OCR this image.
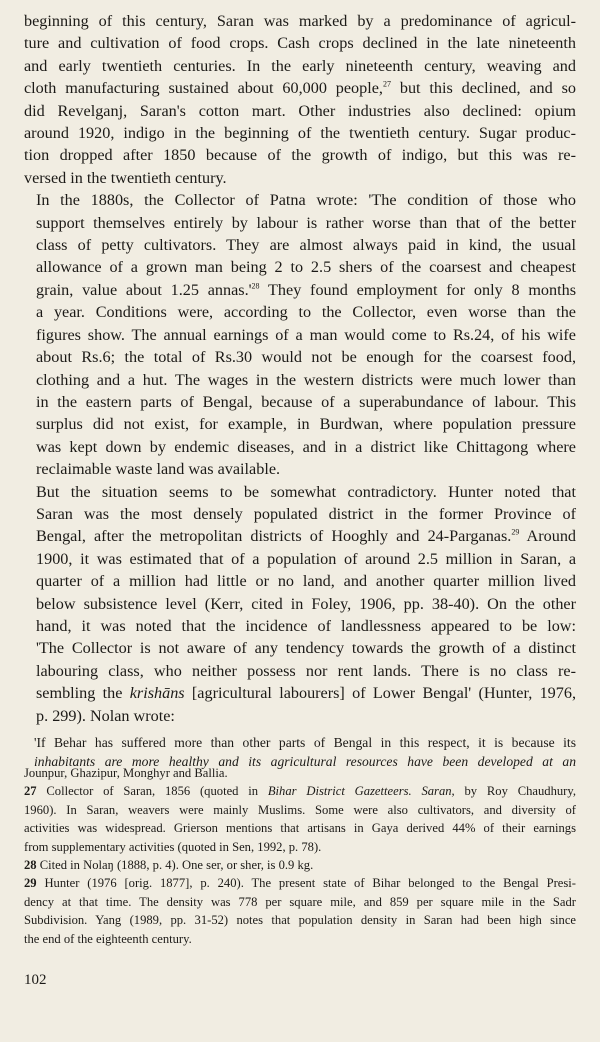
beginning of this century, Saran was marked by a predominance of agricul-
ture and cultivation of food crops. Cash crops declined in the late nineteenth
and early twentieth centuries. In the early nineteenth century, weaving and
cloth manufacturing sustained about 60,000 people,$^{27}$ but this declined, and so
did Revelganj, Saran's cotton mart. Other industries also declined: opium
around 1920, indigo in the beginning of the twentieth century. Sugar produc-
tion dropped after 1850 because of the growth of indigo, but this was re-
versed in the twentieth century.

In the 1880s, the Collector of Patna wrote: 'The condition of those who
support themselves entirely by labour is rather worse than that of the better
class of petty cultivators. They are almost always paid in kind, the usual
allowance of a grown man being 2 to 2.5 shers of the coarsest and cheapest
grain, value about 1.25 $annas.'^{28}$ They found employment for only 8 months
a year. Conditions were, according to the Collector, even worse than the
figures show. The annual earnings of a man would come to Rs.24, of his wife
about Rs.6; the total of Rs.30 would not be enough for the coarsest food,
clothing and a hut. The wages in the western districts were much lower than
in the eastern parts of Bengal, because of a superabundance of labour. This
surplus did not exist, for example, in Burdwan, where population pressure
was kept down by endemic diseases, and in a district like Chittagong where
reclaimable waste land was available.

But the situation seems to be somewhat contradictory. Hunter noted that
Saran was the most densely populated district in the former Province of
Bengal, after the metropolitan districts of Hooghly and 24-Parganas.$^{29}$ Around
1900, it was estimated that of a population of around 2.5 million in Saran, a
quarter of a million had little or no land, and another quarter million lived
below subsistence level (Kerr, cited in Foley, 1906, pp. 38-40). On the other
hand, it was noted that the incidence of landlessness appeared to be low:
'The Collector is not aware of any tendency towards the growth of a distinct
labouring class, who neither possess nor rent lands. There is no class re-
sembling the krishāns [agricultural labourers] of Lower Bengal' (Hunter, 1976,
p. 299). Nolan wrote:

'If Behar has suffered more than other parts of Bengal in this respect, it is because its
inhabitants are more healthy and its agricultural resources have been developed at an
Jounpur, Ghazipur, Monghyr and Ballia.
27 Collector of Saran, 1856 (quoted in Bihar District Gazetteers. Saran, by Roy Chaudhury,
1960). In Saran, weavers were mainly Muslims. Some were also cultivators, and diversity of
activities was widespread. Grierson mentions that artisans in Gaya derived 44% of their earnings
from supplementary activities (quoted in Sen, 1992, p. 78).
28 Cited in Nolaŋ (1888, p. 4). One ser, or sher, is 0.9 kg.
29 Hunter (1976 [orig. 1877], p. 240). The present state of Bihar belonged to the Bengal Presi-
dency at that time. The density was 778 per square mile, and 859 per square mile in the Sadr
Subdivision. Yang (1989, pp. 31-52) notes that population density in Saran had been high since
the end of the eighteenth century.
102
